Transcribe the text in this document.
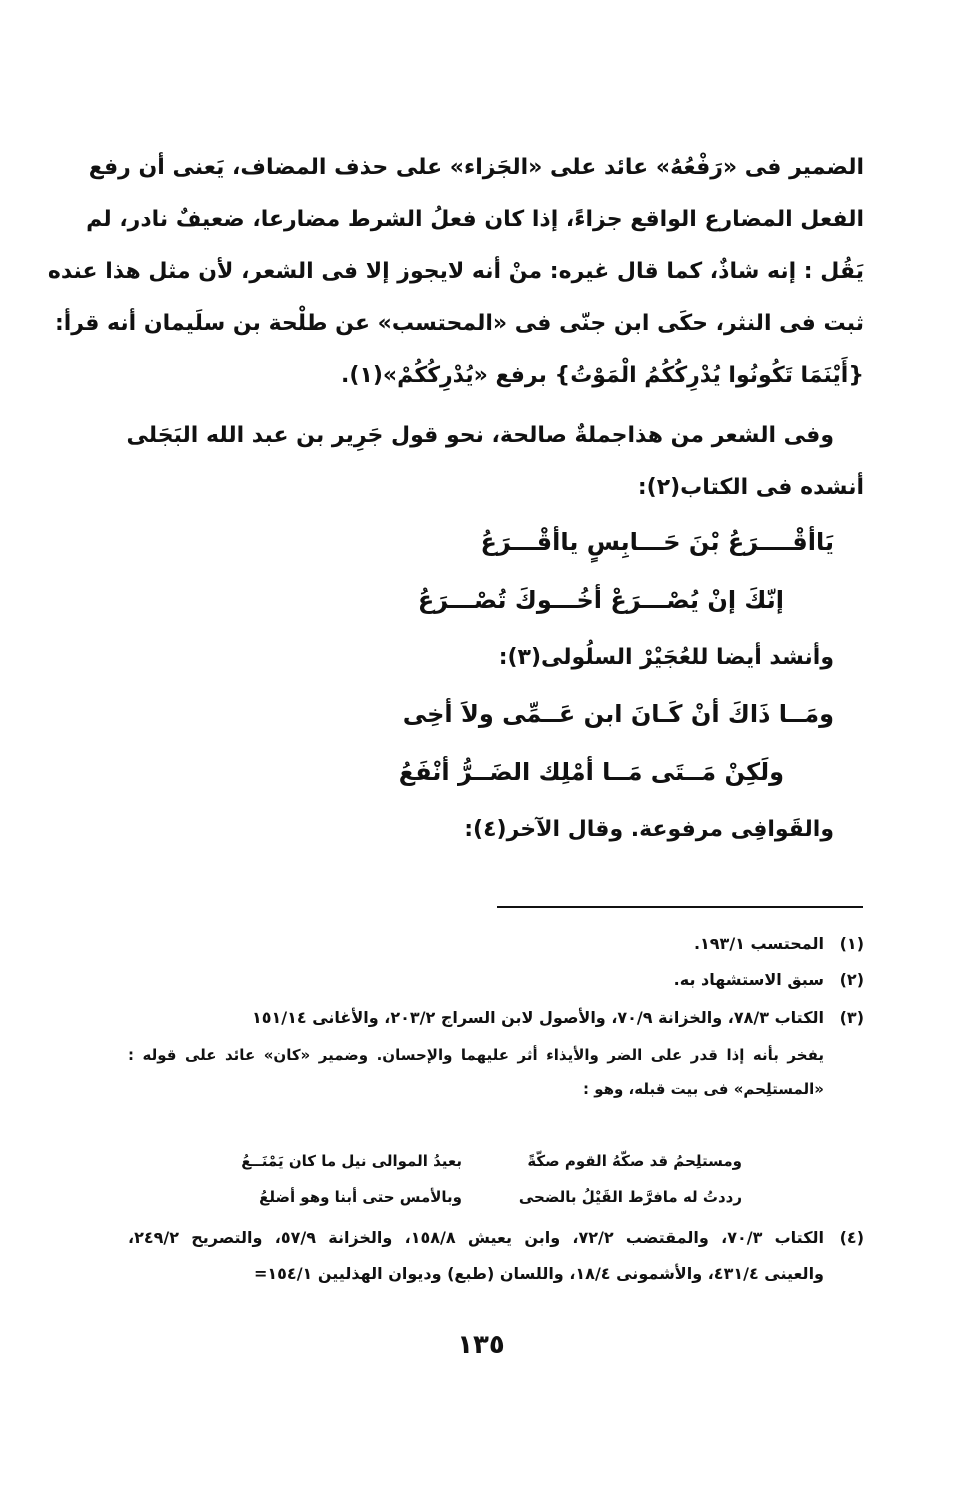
الضمير فى «رَفْعُهُ» عائد على «الجَزاء» على حذف المضاف، يَعنى أن رفع
الفعل المضارع الواقع جزاءً، إذا كان فعلُ الشرط مضارعا، ضعيفٌ نادر، لم
يَقُل : إنه شاذٌ، كما قال غيره: منْ أنه لايجوز إلا فى الشعر، لأن مثل هذا عنده
ثبت فى النثر، حكَى ابن جنّى فى «المحتسب» عن طلْحة بن سلَيمان أنه قرأ:
{أَيْنَمَا تَكُونُوا يُدْرِكُكُمُ الْمَوْتُ} برفع «يُدْرِكُكُمْ»(١).
وفى الشعر من هذاجملةٌ صالحة، نحو قول جَرِير بن عبد الله البَجَلى
أنشده فى الكتاب(٢):
يَاأقْــــرَعُ بْنَ حَـــابِسٍ ياأقْـــرَعُ
إنّكَ إنْ يُصْـــرَعْ أخُـــوكَ تُصْـــرَعُ
وأنشد أيضا للعُجَيْرْ السلُولى(٣):
ومَــا ذَاكَ أنْ كَـانَ ابن عَــمِّى ولاَ أخِى
ولَكِنْ مَــتَى مَــا أمْلِك الضَــرُّ أنْفَعُ
والقَوافِى مرفوعة. وقال الآخر(٤):
(١)
المحتسب ١٩٣/١.
(٢)
سبق الاستشهاد به.
(٣)
الكتاب ٧٨/٣، والخزانة ٧٠/٩، والأصول لابن السراج ٢٠٣/٢، والأغانى ١٥١/١٤
يفخر بأنه إذا قدر على الضر والأيذاء أثر عليهما والإحسان. وضمير «كان» عائد على قوله :
«المستلِحم» فى بيت قبله، وهو :
ومستلِحمُ قد صكّهُ القوم صكّةً
بعيدُ الموالى نيل ما كان يَمْنَــعُ
رددتُ له مافرَّط القَيْلُ بالضحى
وبالأمس حتى أبنا وهو أضلعُ
(٤)
الكتاب ٧٠/٣، والمقتضب ٧٢/٢، وابن يعيش ١٥٨/٨، والخزانة ٥٧/٩، والتصريح ٢٤٩/٢،
والعينى ٤٣١/٤، والأشمونى ١٨/٤، واللسان (طبع) وديوان الهذليين ١٥٤/١=
١٣٥
